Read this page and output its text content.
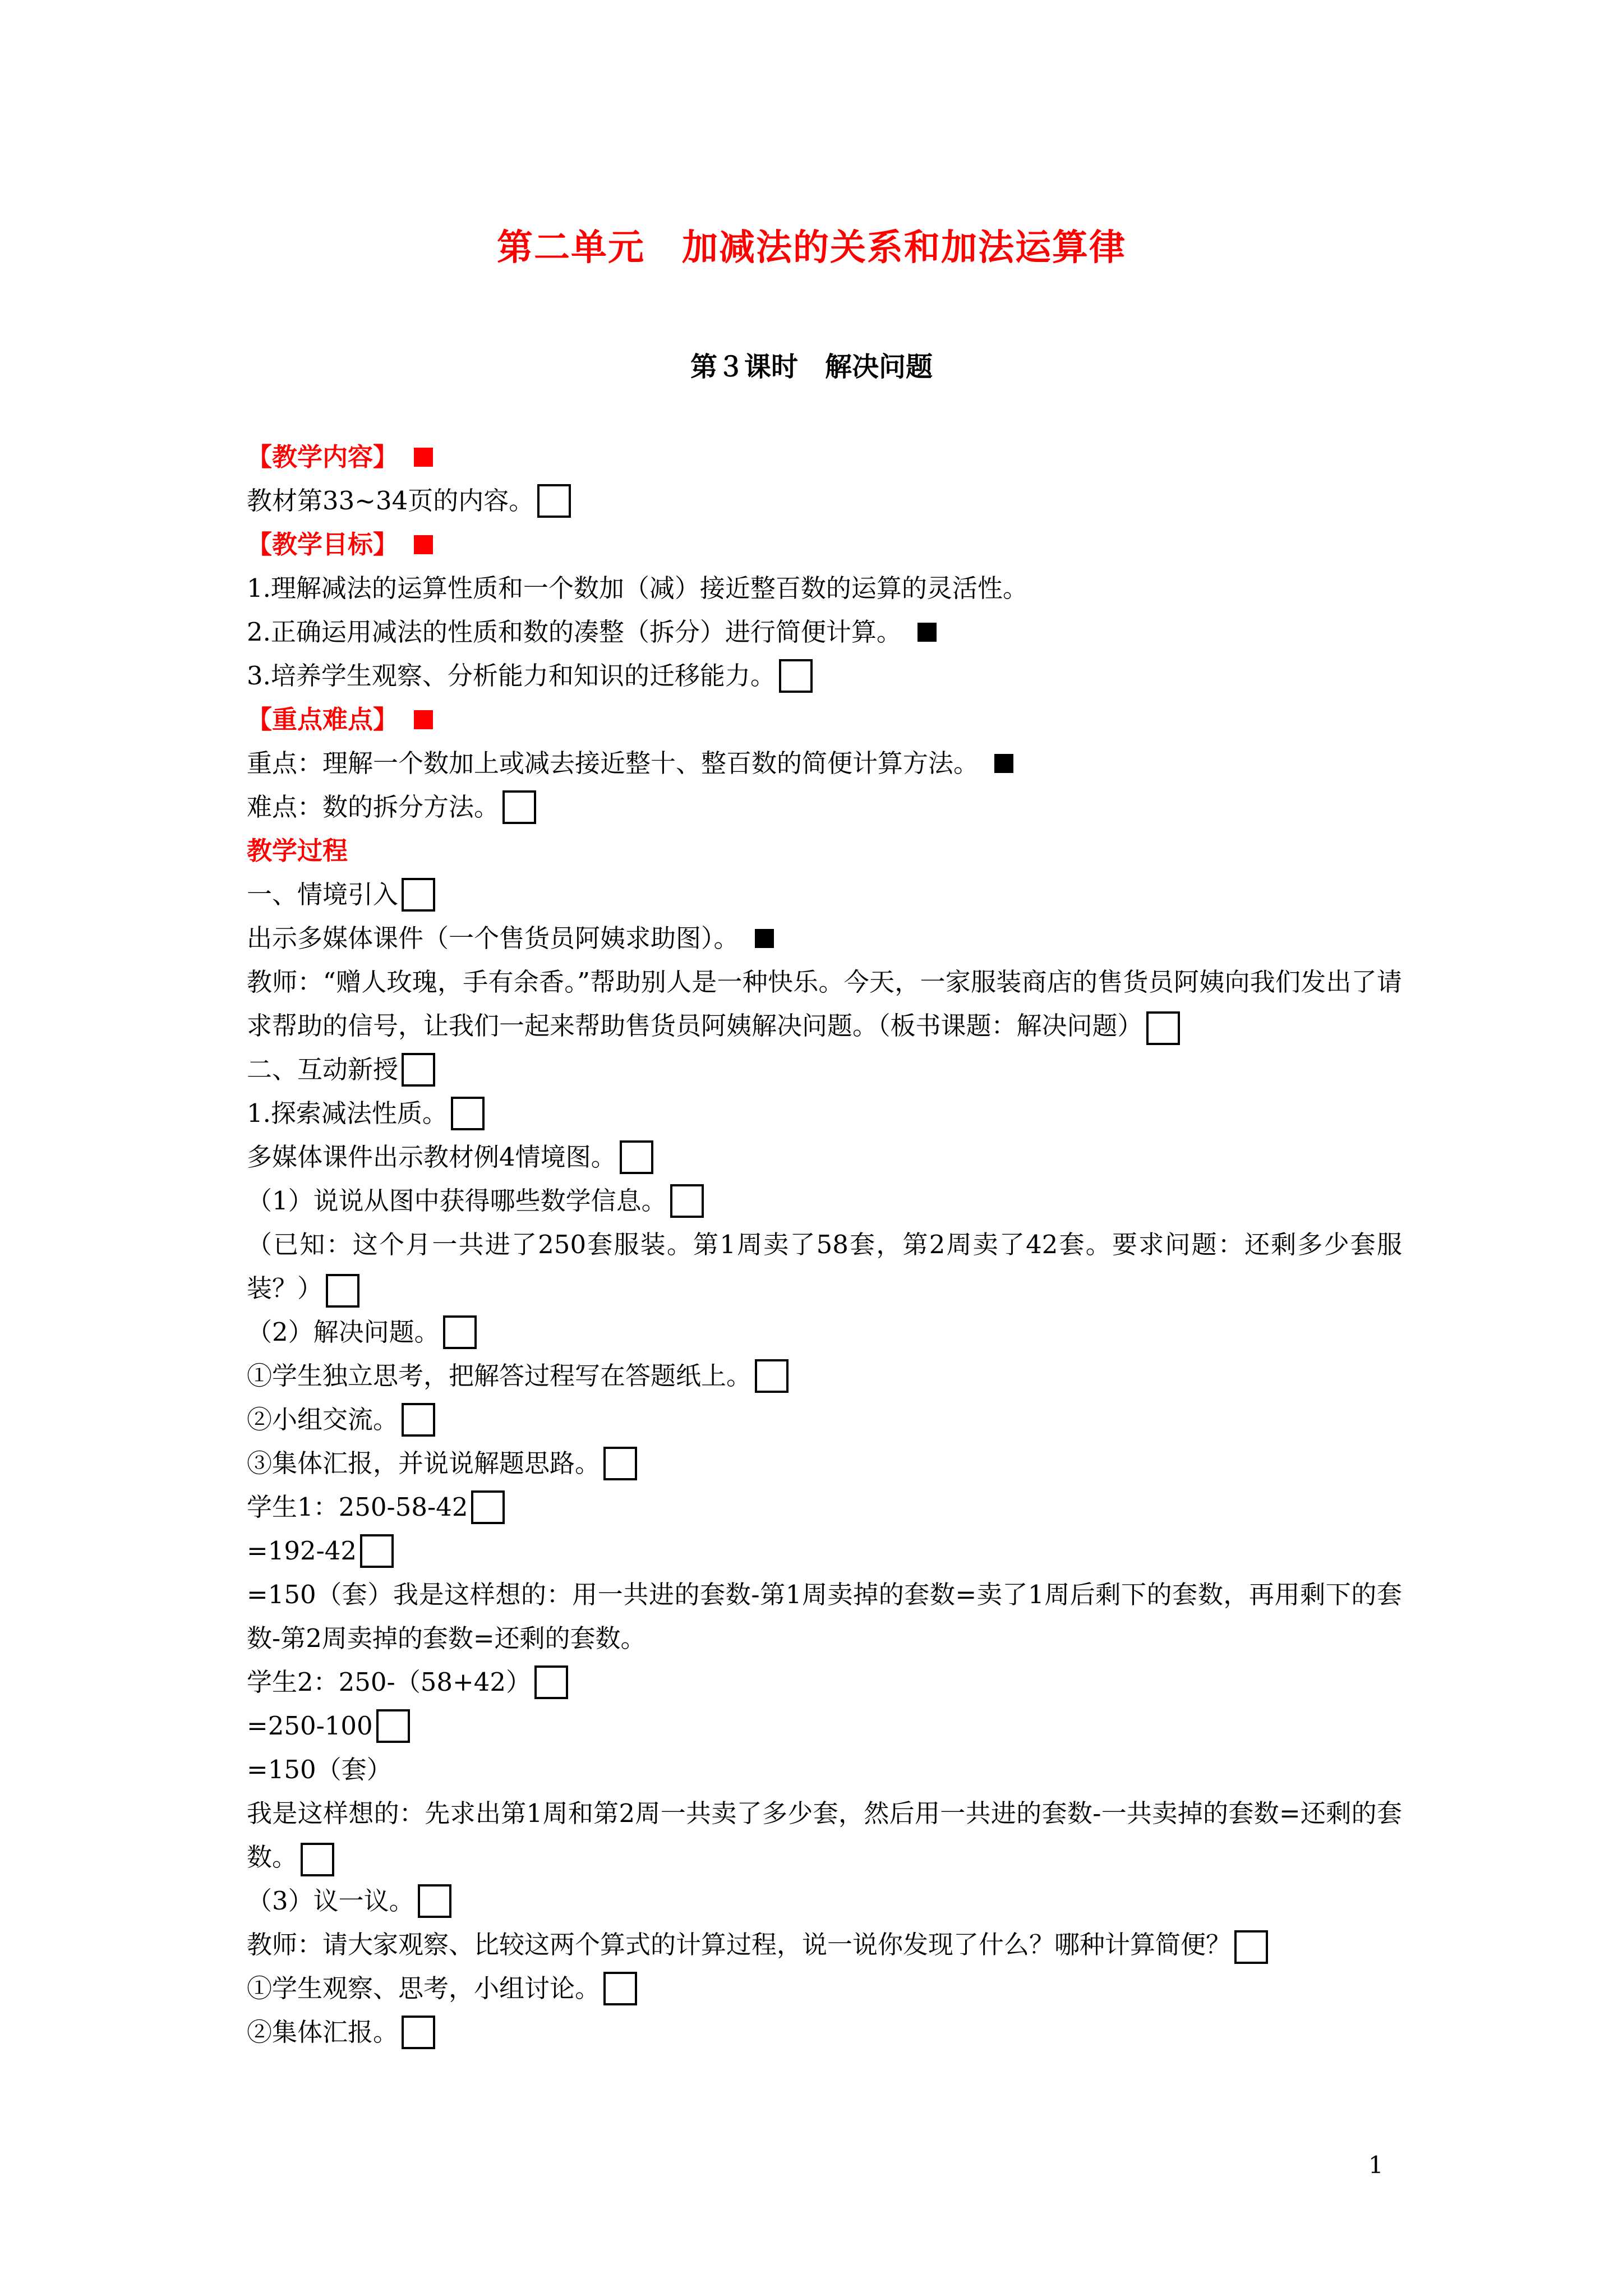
第二单元　加减法的关系和加法运算律
第３课时　解决问题
【教学内容】
教材第33~34页的内容。
【教学目标】
1.理解减法的运算性质和一个数加（减）接近整百数的运算的灵活性。
2.正确运用减法的性质和数的凑整（拆分）进行简便计算。
3.培养学生观察、分析能力和知识的迁移能力。
【重点难点】
重点：理解一个数加上或减去接近整十、整百数的简便计算方法。
难点：数的拆分方法。
教学过程
一、情境引入
出示多媒体课件（一个售货员阿姨求助图）。
教师：“赠人玫瑰，手有余香。”帮助别人是一种快乐。今天，一家服装商店的售货员阿姨向我们发出了请求帮助的信号，让我们一起来帮助售货员阿姨解决问题。（板书课题：解决问题）
二、互动新授
1.探索减法性质。
多媒体课件出示教材例4情境图。
（1）说说从图中获得哪些数学信息。
（已知：这个月一共进了250套服装。第1周卖了58套，第2周卖了42套。要求问题：还剩多少套服装？）
（2）解决问题。
①学生独立思考，把解答过程写在答题纸上。
②小组交流。
③集体汇报，并说说解题思路。
学生1：250-58-42
=192-42
=150（套）我是这样想的：用一共进的套数-第1周卖掉的套数=卖了1周后剩下的套数，再用剩下的套数-第2周卖掉的套数=还剩的套数。
学生2：250-（58+42）
=250-100
=150（套）
我是这样想的：先求出第1周和第2周一共卖了多少套，然后用一共进的套数-一共卖掉的套数=还剩的套数。
（3）议一议。
教师：请大家观察、比较这两个算式的计算过程，说一说你发现了什么？哪种计算简便？
①学生观察、思考，小组讨论。
②集体汇报。
1
